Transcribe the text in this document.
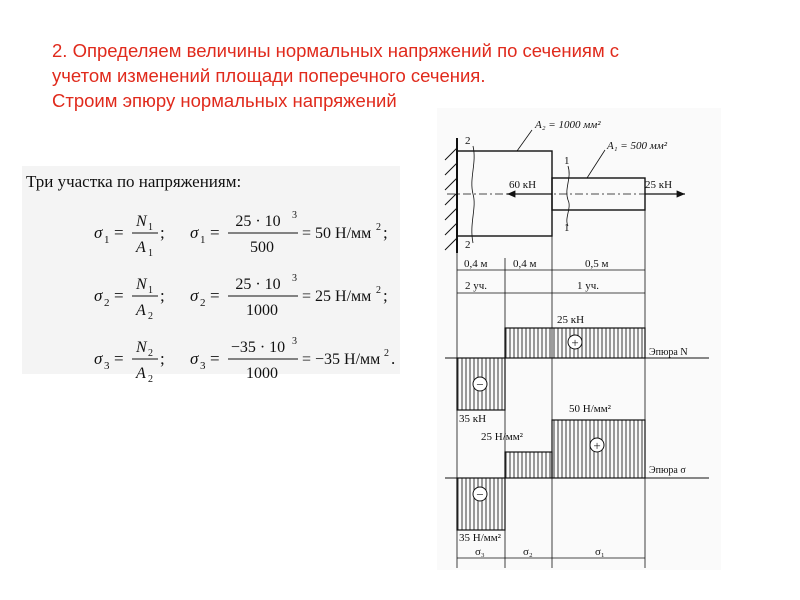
2. Определяем величины нормальных напряжений по сечениям с
учетом изменений площади поперечного сечения.
Строим эпюру нормальных напряжений
Три участка по напряжениям:
σ 1 =
N 1
A 1
; σ 1 =
25 · 10 3
500
= 50 Н/мм 2 ;
σ 2 =
N 1
A 2
; σ 2 =
25 · 10 3
1000
= 25 Н/мм 2 ;
σ 3 =
N 2
A 2
; σ 3 =
−35 · 10 3
1000
= −35 Н/мм 2 .
2
2
1
1
A₂ = 1000 мм²
A₁ = 500 мм²
60 кН	25 кН
0,4 м 0,4 м	0,5 м
2 уч.	1 уч.
+
−
25 кН
35 кН
Эпюра N
+
−
25 Н/мм²
50 Н/мм²
Эпюра σ
35 Н/мм²
σ₃	σ₂	σ₁
